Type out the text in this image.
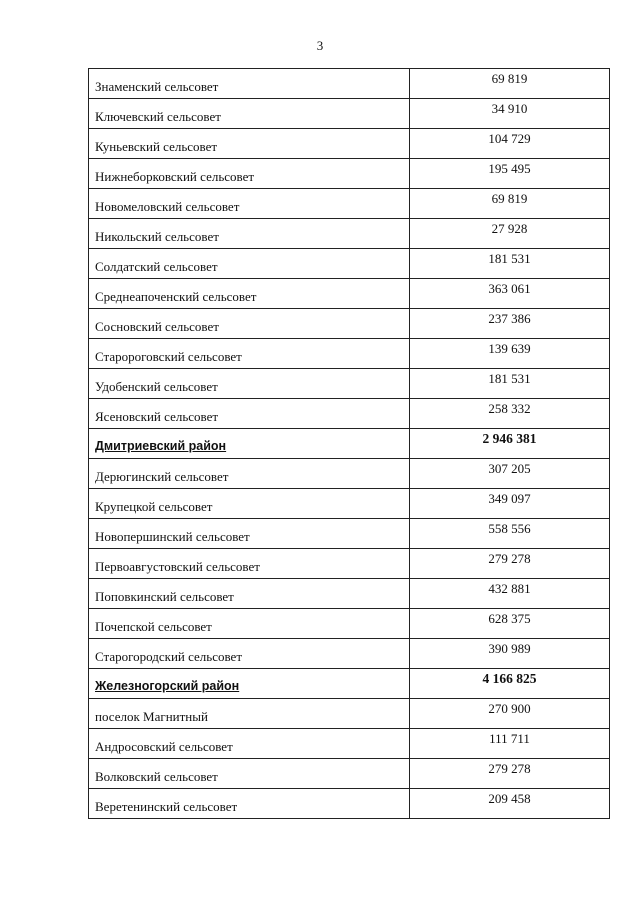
3
Знаменский сельсовет	69 819
Ключевский сельсовет	34 910
Куньевский сельсовет	104 729
Нижнеборковский сельсовет	195 495
Новомеловский сельсовет	69 819
Никольский сельсовет	27 928
Солдатский сельсовет	181 531
Среднеапоченский сельсовет	363 061
Сосновский сельсовет	237 386
Старороговский сельсовет	139 639
Удобенский сельсовет	181 531
Ясеновский сельсовет	258 332
Дмитриевский район	2 946 381
Дерюгинский сельсовет	307 205
Крупецкой сельсовет	349 097
Новопершинский сельсовет	558 556
Первоавгустовский сельсовет	279 278
Поповкинский сельсовет	432 881
Почепской сельсовет	628 375
Старогородский сельсовет	390 989
Железногорский район	4 166 825
поселок Магнитный	270 900
Андросовский сельсовет	111 711
Волковский сельсовет	279 278
Веретенинский сельсовет	209 458
